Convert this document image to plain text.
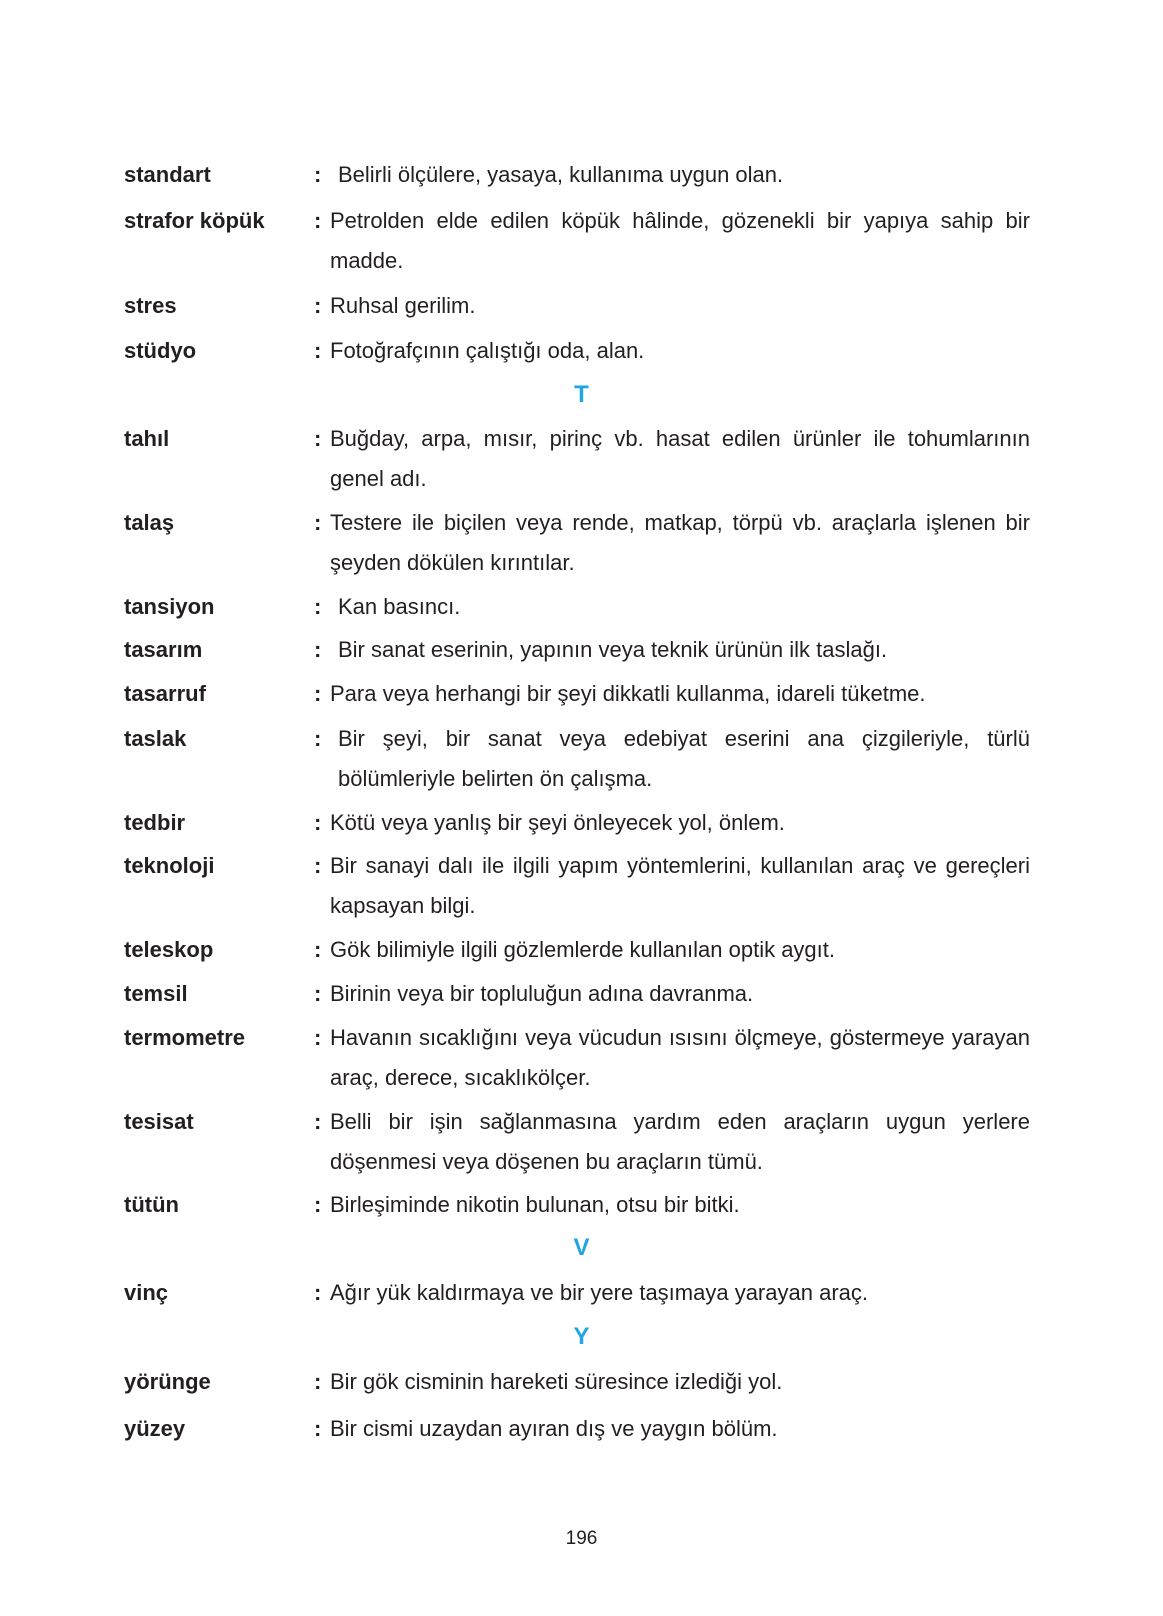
standart	: Belirli ölçülere, yasaya, kullanıma uygun olan.
strafor köpük : Petrolden elde edilen köpük hâlinde, gözenekli bir yapıya sahip bir madde.
stres	: Ruhsal gerilim.
stüdyo	: Fotoğrafçının çalıştığı oda, alan.
T
tahıl	: Buğday, arpa, mısır, pirinç vb. hasat edilen ürünler ile tohumlarının genel adı.
talaş	: Testere ile biçilen veya rende, matkap, törpü vb. araçlarla işlenen bir şeyden dökülen kırıntılar.
tansiyon	: Kan basıncı.
tasarım	: Bir sanat eserinin, yapının veya teknik ürünün ilk taslağı.
tasarruf	: Para veya herhangi bir şeyi dikkatli kullanma, idareli tüketme.
taslak	: Bir şeyi, bir sanat veya edebiyat eserini ana çizgileriyle, türlü bölümleriyle belirten ön çalışma.
tedbir	: Kötü veya yanlış bir şeyi önleyecek yol, önlem.
teknoloji	: Bir sanayi dalı ile ilgili yapım yöntemlerini, kullanılan araç ve gereçleri kapsayan bilgi.
teleskop	: Gök bilimiyle ilgili gözlemlerde kullanılan optik aygıt.
temsil	: Birinin veya bir topluluğun adına davranma.
termometre	: Havanın sıcaklığını veya vücudun ısısını ölçmeye, göstermeye yarayan araç, derece, sıcaklıkölçer.
tesisat	: Belli bir işin sağlanmasına yardım eden araçların uygun yerlere döşenmesi veya döşenen bu araçların tümü.
tütün	: Birleşiminde nikotin bulunan, otsu bir bitki.
V
vinç	: Ağır yük kaldırmaya ve bir yere taşımaya yarayan araç.
Y
yörünge	: Bir gök cisminin hareketi süresince izlediği yol.
yüzey	: Bir cismi uzaydan ayıran dış ve yaygın bölüm.
196
